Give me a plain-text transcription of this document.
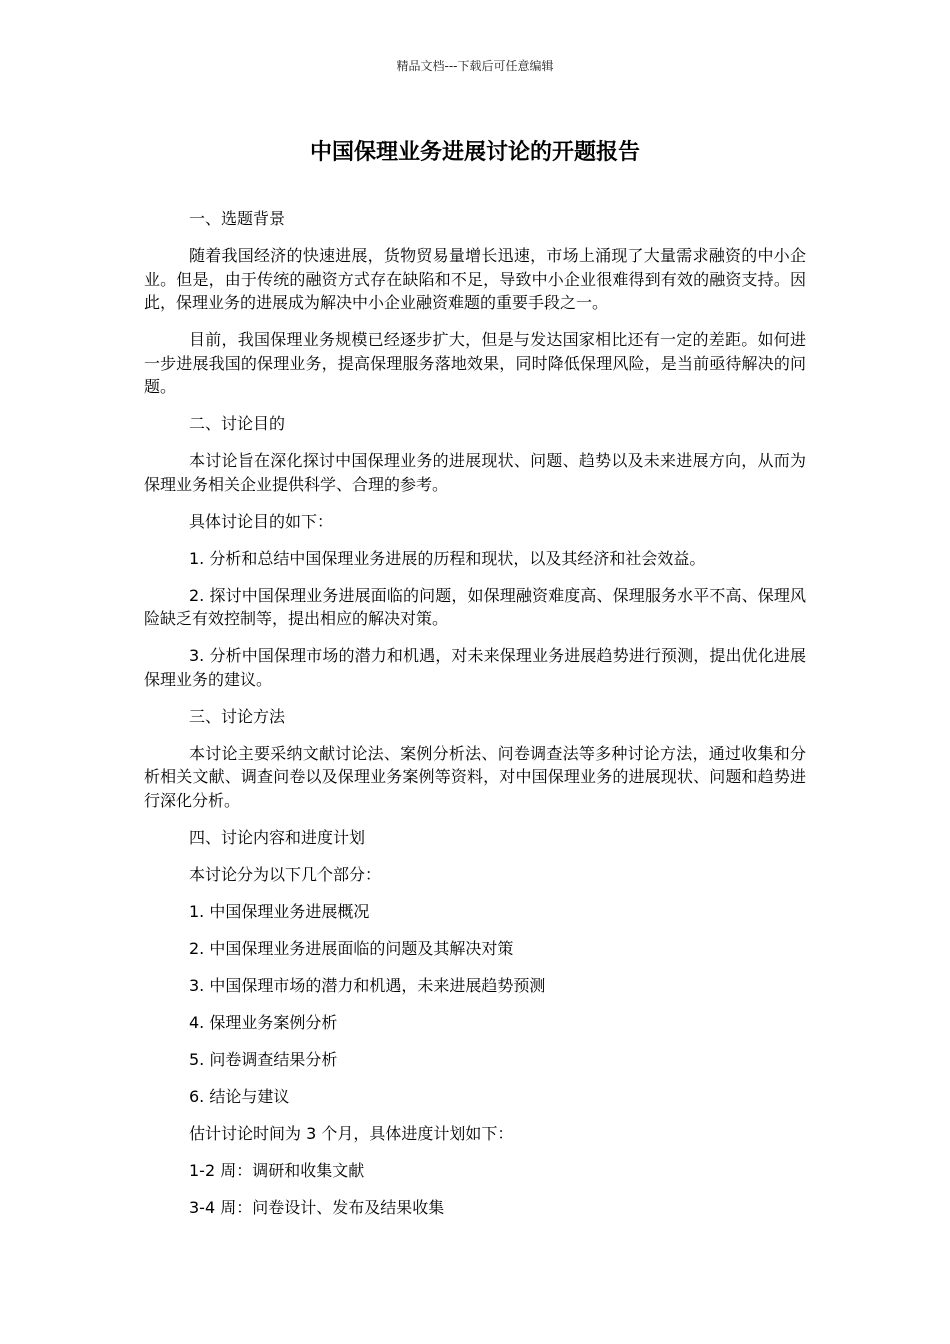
精品文档---下载后可任意编辑
中国保理业务进展讨论的开题报告

一、选题背景

随着我国经济的快速进展，货物贸易量增长迅速，市场上涌现了大量需求融资的中小企业。但是，由于传统的融资方式存在缺陷和不足，导致中小企业很难得到有效的融资支持。因此，保理业务的进展成为解决中小企业融资难题的重要手段之一。

目前，我国保理业务规模已经逐步扩大，但是与发达国家相比还有一定的差距。如何进一步进展我国的保理业务，提高保理服务落地效果，同时降低保理风险，是当前亟待解决的问题。

二、讨论目的

本讨论旨在深化探讨中国保理业务的进展现状、问题、趋势以及未来进展方向，从而为保理业务相关企业提供科学、合理的参考。

具体讨论目的如下：

1. 分析和总结中国保理业务进展的历程和现状，以及其经济和社会效益。

2. 探讨中国保理业务进展面临的问题，如保理融资难度高、保理服务水平不高、保理风险缺乏有效控制等，提出相应的解决对策。

3. 分析中国保理市场的潜力和机遇，对未来保理业务进展趋势进行预测，提出优化进展保理业务的建议。

三、讨论方法

本讨论主要采纳文献讨论法、案例分析法、问卷调查法等多种讨论方法，通过收集和分析相关文献、调查问卷以及保理业务案例等资料，对中国保理业务的进展现状、问题和趋势进行深化分析。

四、讨论内容和进度计划

本讨论分为以下几个部分：

1. 中国保理业务进展概况

2. 中国保理业务进展面临的问题及其解决对策

3. 中国保理市场的潜力和机遇，未来进展趋势预测

4. 保理业务案例分析

5. 问卷调查结果分析

6. 结论与建议

估计讨论时间为 3 个月，具体进度计划如下：

1-2 周：调研和收集文献

3-4 周：问卷设计、发布及结果收集
